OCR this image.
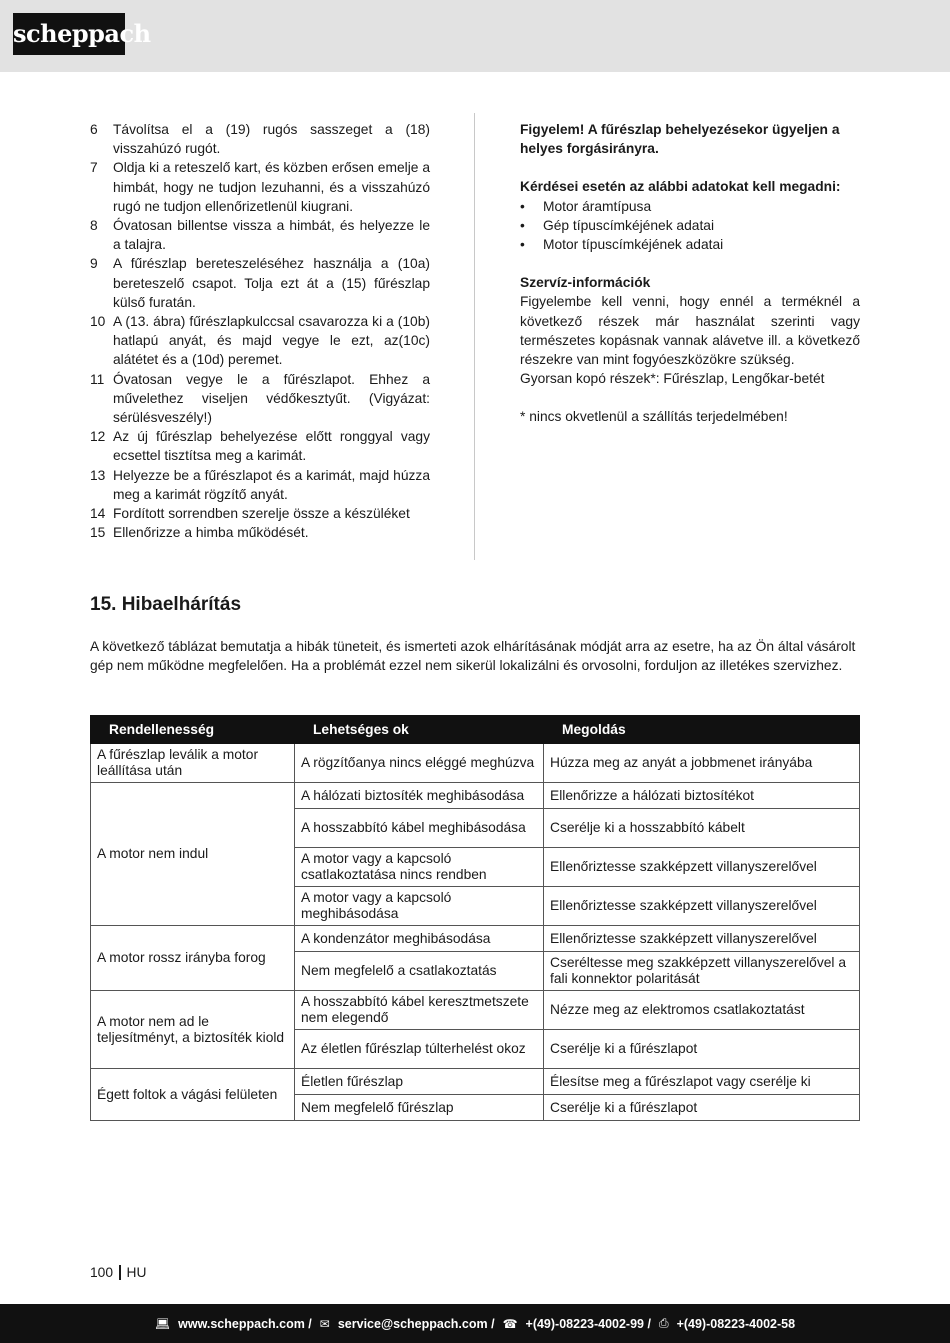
scheppach
6	Távolítsa el a (19) rugós sasszeget a (18) visszahúzó rugót.
7	Oldja ki a reteszelő kart, és közben erősen emelje a himbát, hogy ne tudjon lezuhanni, és a visszahúzó rugó ne tudjon ellenőrizetlenül kiugrani.
8	Óvatosan billentse vissza a himbát, és helyezze le a talajra.
9	A fűrészlap bereteszeléséhez használja a (10a) bereteszelő csapot. Tolja ezt át a (15) fűrészlap külső furatán.
10 A (13. ábra) fűrészlapkulccsal csavarozza ki a (10b) hatlapú anyát, és majd vegye le ezt, az(10c) alátétet és a (10d) peremet.
11 Óvatosan vegye le a fűrészlapot. Ehhez a művelethez viseljen védőkesztyűt. (Vigyázat: sérülésveszély!)
12 Az új fűrészlap behelyezése előtt ronggyal vagy ecsettel tisztítsa meg a karimát.
13 Helyezze be a fűrészlapot és a karimát, majd húzza meg a karimát rögzítő anyát.
14 Fordított sorrendben szerelje össze a készüléket
15 Ellenőrizze a himba működését.

Figyelem! A fűrészlap behelyezésekor ügyeljen a helyes forgásirányra.

Kérdései esetén az alábbi adatokat kell megadni:

•	Motor áramtípusa
•	Gép típuscímkéjének adatai
•	Motor típuscímkéjének adatai

Szervíz-információk

Figyelembe kell venni, hogy ennél a terméknél a következő részek már használat szerinti vagy természetes kopásnak vannak alávetve ill. a következő részekre van mint fogyóeszközökre szükség.

Gyorsan kopó részek*: Fűrészlap, Lengőkar-betét

* nincs okvetlenül a szállítás terjedelmében!

15. Hibaelhárítás
A következő táblázat bemutatja a hibák tüneteit, és ismerteti azok elhárításának módját arra az esetre, ha az Ön által vásárolt gép nem működne megfelelően. Ha a problémát ezzel nem sikerül lokalizálni és orvosolni, forduljon az illetékes szervizhez.
Rendellenesség	Lehetséges ok	Megoldás
A fűrészlap leválik a motor leállítása után	A rögzítőanya nincs eléggé meghúzva	Húzza meg az anyát a jobbmenet irányába
A motor nem indul	A hálózati biztosíték meghibásodása	Ellenőrizze a hálózati biztosítékot
	A hosszabbító kábel meghibásodása	Cserélje ki a hosszabbító kábelt
	A motor vagy a kapcsoló csatlakoztatása nincs rendben	Ellenőriztesse szakképzett villanyszerelővel
	A motor vagy a kapcsoló meghibásodása	Ellenőriztesse szakképzett villanyszerelővel
A motor rossz irányba forog	A kondenzátor meghibásodása	Ellenőriztesse szakképzett villanyszerelővel
	Nem megfelelő a csatlakoztatás	Cseréltesse meg szakképzett villanyszerelővel a fali konnektor polaritását
A motor nem ad le teljesítményt, a biztosíték kiold	A hosszabbító kábel keresztmetszete nem elegendő	Nézze meg az elektromos csatlakoztatást
	Az életlen fűrészlap túlterhelést okoz	Cserélje ki a fűrészlapot
Égett foltok a vágási felületen	Életlen fűrészlap	Élesítse meg a fűrészlapot vagy cserélje ki
	Nem megfelelő fűrészlap	Cserélje ki a fűrészlapot
100 HU
💻︎ www.scheppach.com / ✉︎ service@scheppach.com / ☎︎ +(49)-08223-4002-99 / ⎙ +(49)-08223-4002-58
